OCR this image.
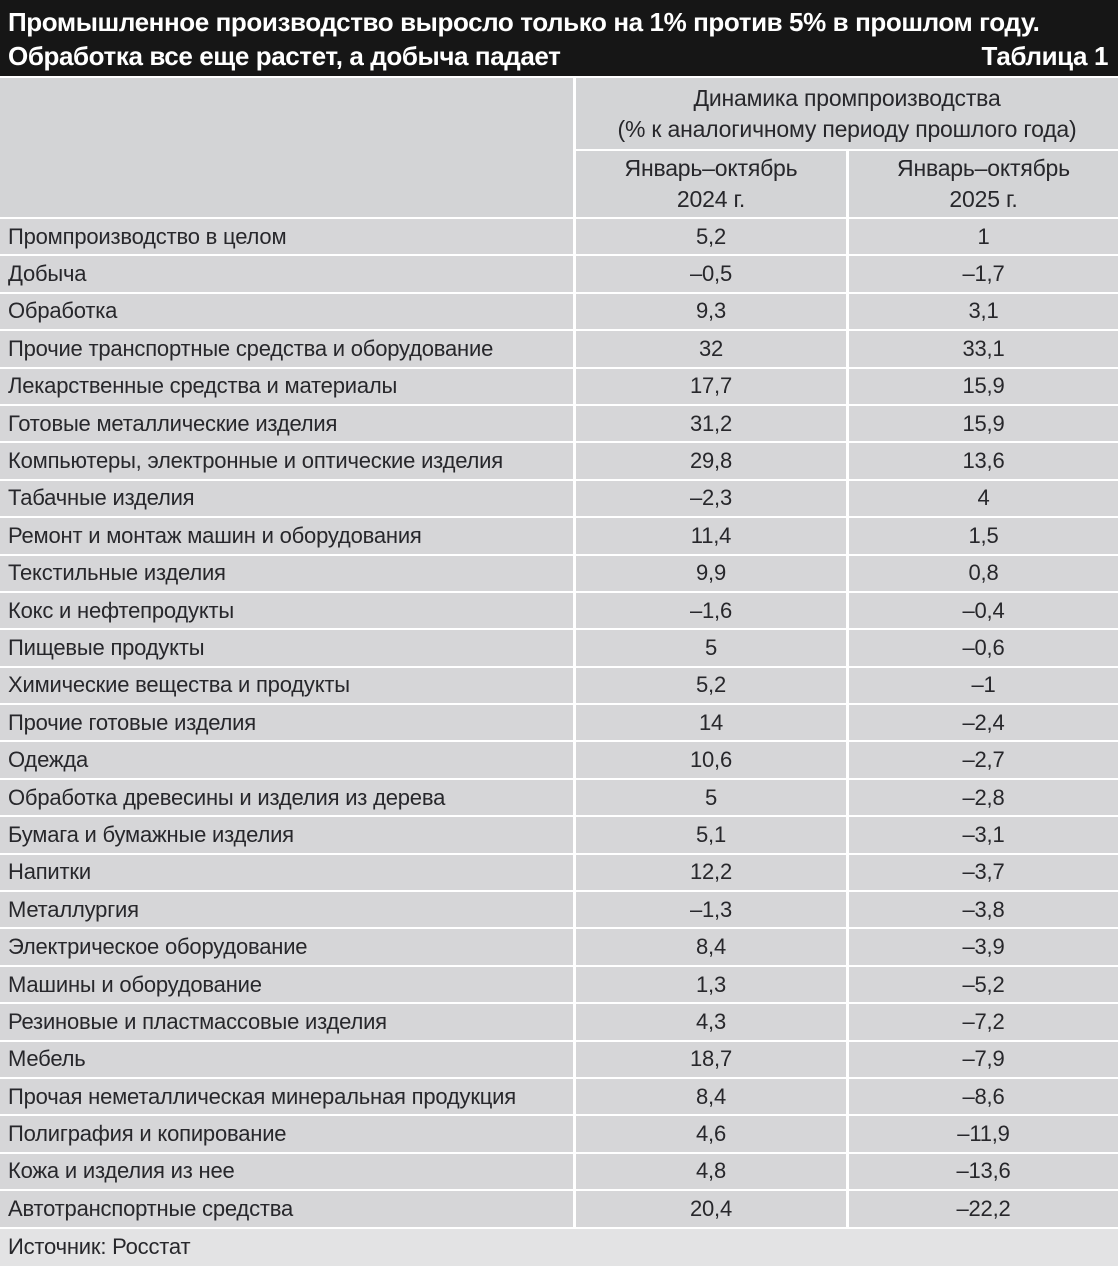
Промышленное производство выросло только на 1% против 5% в прошлом году.
Обработка все еще растет, а добыча падает	Таблица 1
Динамика промпроизводства
(% к аналогичному периоду прошлого года)
Январь–октябрь
2024 г.
Январь–октябрь
2025 г.
Промпроизводство в целом	5,2	1
Добыча	–0,5	–1,7
Обработка	9,3	3,1
Прочие транспортные средства и оборудование	32	33,1
Лекарственные средства и материалы	17,7	15,9
Готовые металлические изделия	31,2	15,9
Компьютеры, электронные и оптические изделия	29,8	13,6
Табачные изделия	–2,3	4
Ремонт и монтаж машин и оборудования	11,4	1,5
Текстильные изделия	9,9	0,8
Кокс и нефтепродукты	–1,6	–0,4
Пищевые продукты	5	–0,6
Химические вещества и продукты	5,2	–1
Прочие готовые изделия	14	–2,4
Одежда	10,6	–2,7
Обработка древесины и изделия из дерева	5	–2,8
Бумага и бумажные изделия	5,1	–3,1
Напитки	12,2	–3,7
Металлургия	–1,3	–3,8
Электрическое оборудование	8,4	–3,9
Машины и оборудование	1,3	–5,2
Резиновые и пластмассовые изделия	4,3	–7,2
Мебель	18,7	–7,9
Прочая неметаллическая минеральная продукция	8,4	–8,6
Полиграфия и копирование	4,6	–11,9
Кожа и изделия из нее	4,8	–13,6
Автотранспортные средства	20,4	–22,2
Источник: Росстат
